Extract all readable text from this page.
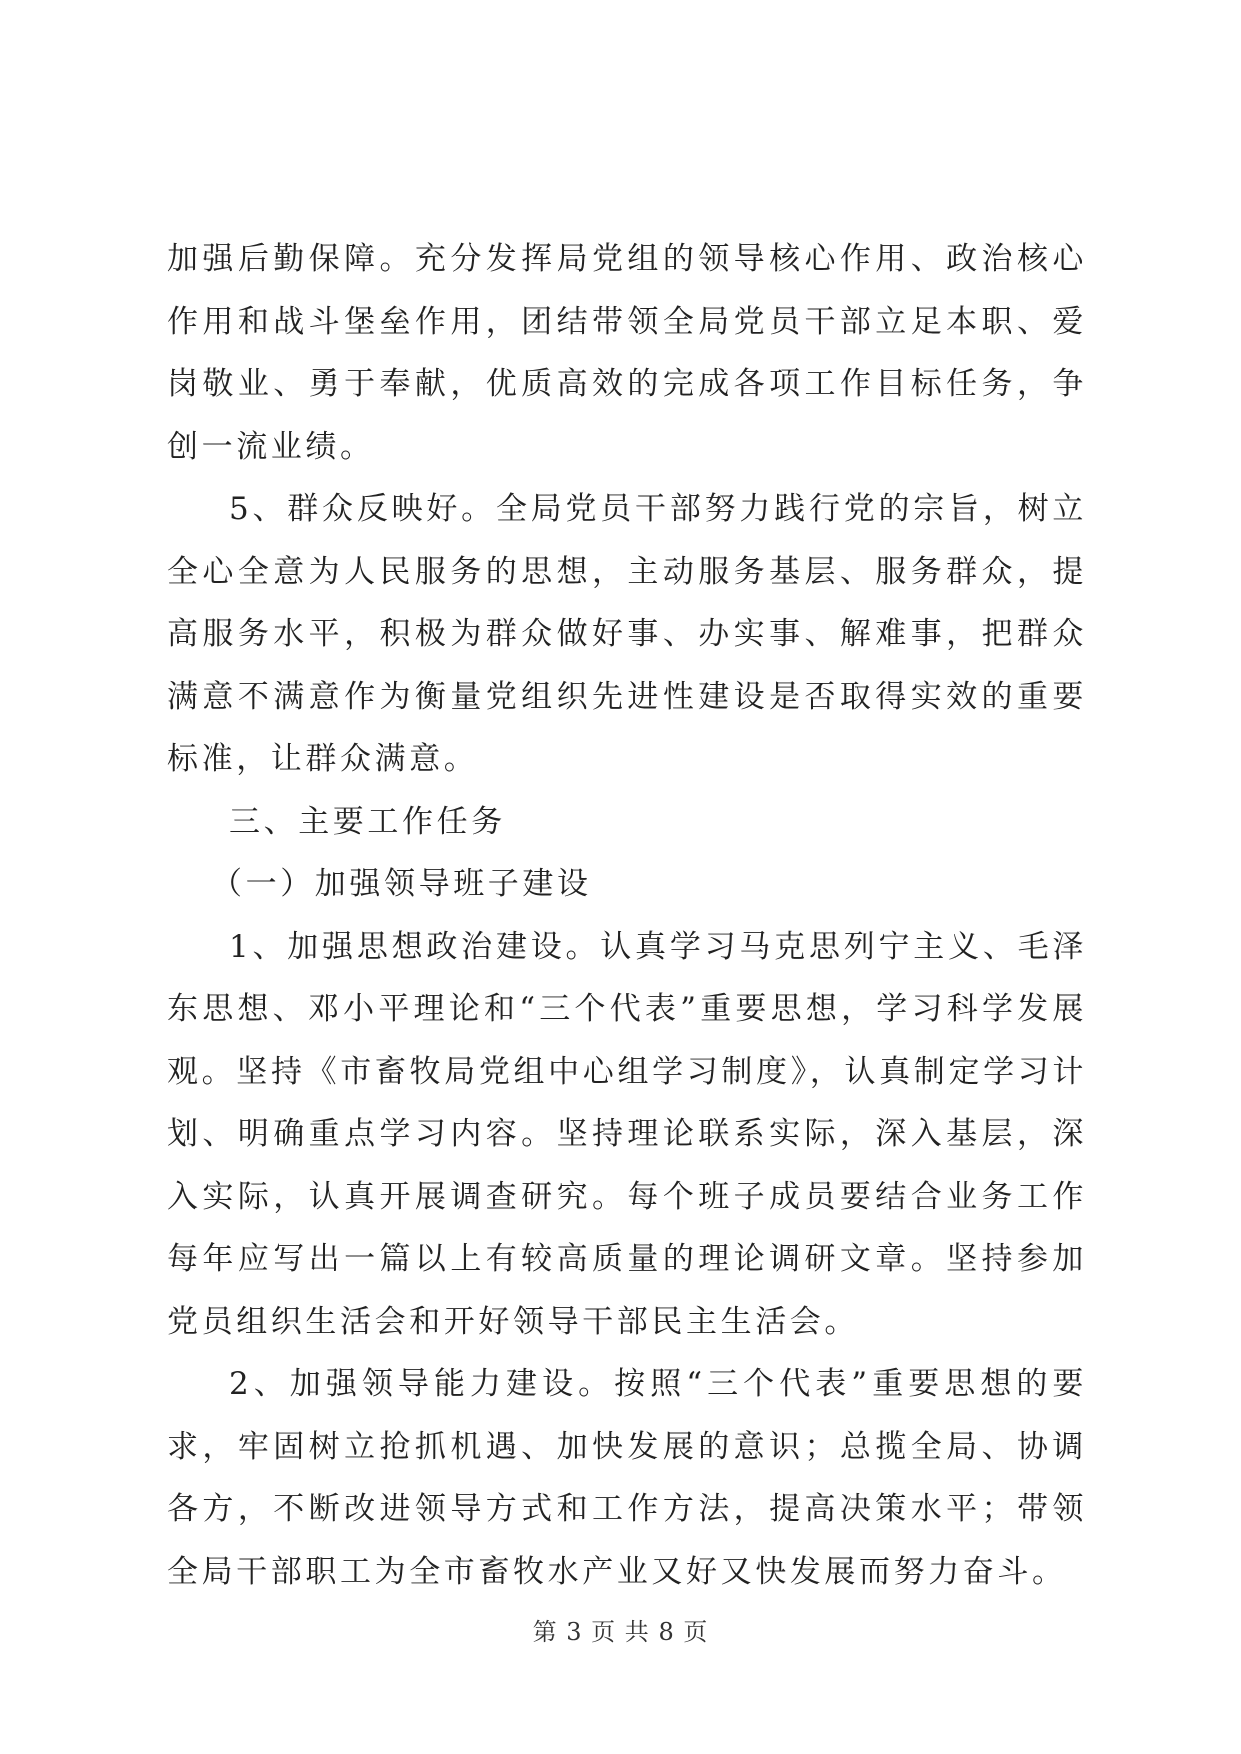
加强后勤保障。充分发挥局党组的领导核心作用、政治核心作用和战斗堡垒作用，团结带领全局党员干部立足本职、爱岗敬业、勇于奉献，优质高效的完成各项工作目标任务，争创一流业绩。

5、群众反映好。全局党员干部努力践行党的宗旨，树立全心全意为人民服务的思想，主动服务基层、服务群众，提高服务水平，积极为群众做好事、办实事、解难事，把群众满意不满意作为衡量党组织先进性建设是否取得实效的重要标准，让群众满意。

三、主要工作任务

（一）加强领导班子建设

1、加强思想政治建设。认真学习马克思列宁主义、毛泽东思想、邓小平理论和“三个代表”重要思想，学习科学发展观。坚持《市畜牧局党组中心组学习制度》，认真制定学习计划、明确重点学习内容。坚持理论联系实际，深入基层，深入实际，认真开展调查研究。每个班子成员要结合业务工作每年应写出一篇以上有较高质量的理论调研文章。坚持参加党员组织生活会和开好领导干部民主生活会。

2、加强领导能力建设。按照“三个代表”重要思想的要求，牢固树立抢抓机遇、加快发展的意识；总揽全局、协调各方，不断改进领导方式和工作方法，提高决策水平；带领全局干部职工为全市畜牧水产业又好又快发展而努力奋斗。

第 3 页 共 8 页
